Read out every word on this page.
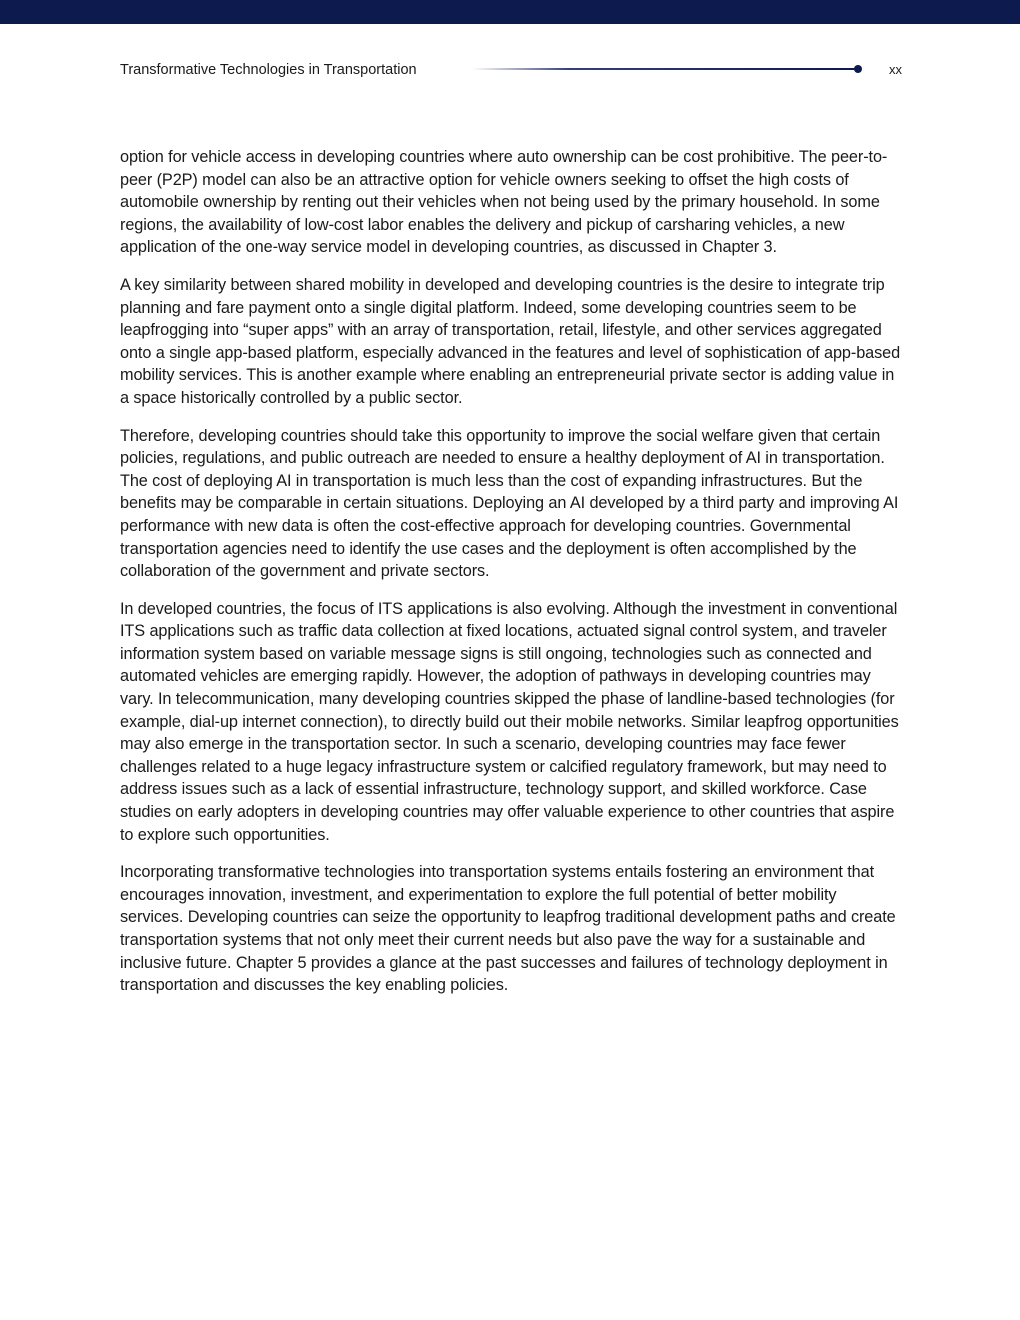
Transformative Technologies in Transportation	xx

option for vehicle access in developing countries where auto ownership can be cost prohibitive. The peer-to-peer (P2P) model can also be an attractive option for vehicle owners seeking to offset the high costs of automobile ownership by renting out their vehicles when not being used by the primary household. In some regions, the availability of low-cost labor enables the delivery and pickup of carsharing vehicles, a new application of the one-way service model in developing countries, as discussed in Chapter 3.

A key similarity between shared mobility in developed and developing countries is the desire to integrate trip planning and fare payment onto a single digital platform. Indeed, some developing countries seem to be leapfrogging into “super apps” with an array of transportation, retail, lifestyle, and other services aggregated onto a single app-based platform, especially advanced in the features and level of sophistication of app-based mobility services. This is another example where enabling an entrepreneurial private sector is adding value in a space historically controlled by a public sector.

Therefore, developing countries should take this opportunity to improve the social welfare given that certain policies, regulations, and public outreach are needed to ensure a healthy deployment of AI in transportation. The cost of deploying AI in transportation is much less than the cost of expanding infrastructures. But the benefits may be comparable in certain situations. Deploying an AI developed by a third party and improving AI performance with new data is often the cost-effective approach for developing countries. Governmental transportation agencies need to identify the use cases and the deployment is often accomplished by the collaboration of the government and private sectors.

In developed countries, the focus of ITS applications is also evolving. Although the investment in conventional ITS applications such as traffic data collection at fixed locations, actuated signal control system, and traveler information system based on variable message signs is still ongoing, technologies such as connected and automated vehicles are emerging rapidly. However, the adoption of pathways in developing countries may vary. In telecommunication, many developing countries skipped the phase of landline-based technologies (for example, dial-up internet connection), to directly build out their mobile networks. Similar leapfrog opportunities may also emerge in the transportation sector. In such a scenario, developing countries may face fewer challenges related to a huge legacy infrastructure system or calcified regulatory framework, but may need to address issues such as a lack of essential infrastructure, technology support, and skilled workforce. Case studies on early adopters in developing countries may offer valuable experience to other countries that aspire to explore such opportunities.

Incorporating transformative technologies into transportation systems entails fostering an environment that encourages innovation, investment, and experimentation to explore the full potential of better mobility services. Developing countries can seize the opportunity to leapfrog traditional development paths and create transportation systems that not only meet their current needs but also pave the way for a sustainable and inclusive future. Chapter 5 provides a glance at the past successes and failures of technology deployment in transportation and discusses the key enabling policies.
